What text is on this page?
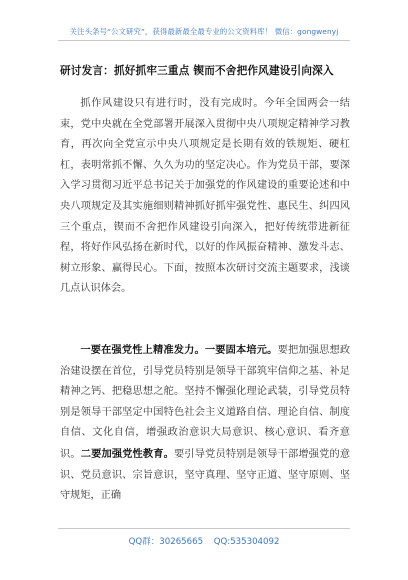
关注头条号“公文研究”，获得最新最全最专业的公文资料库！ 微信：gongwenyj
研讨发言：抓好抓牢三重点 锲而不舍把作风建设引向深入
抓作风建设只有进行时，没有完成时。今年全国两会一结束，党中央就在全党部署开展深入贯彻中央八项规定精神学习教育，再次向全党宣示中央八项规定是长期有效的铁规矩、硬杠杠，表明常抓不懈、久久为功的坚定决心。作为党员干部，要深入学习贯彻习近平总书记关于加强党的作风建设的重要论述和中央八项规定及其实施细则精神抓好抓牢强党性、惠民生、纠四风三个重点，锲而不舍把作风建设引向深入，把好传统带进新征程，将好作风弘扬在新时代，以好的作风振奋精神、激发斗志、树立形象、赢得民心。下面，按照本次研讨交流主题要求，浅谈几点认识体会。
一要在强党性上精准发力。一要固本培元。要把加强思想政治建设摆在首位，引导党员特别是领导干部筑牢信仰之基、补足精神之钙、把稳思想之舵。坚持不懈强化理论武装，引导党员特别是领导干部坚定中国特色社会主义道路自信、理论自信、制度自信、文化自信，增强政治意识大局意识、核心意识、看齐意识。二要加强党性教育。要引导党员特别是领导干部增强党的意识、党员意识、宗旨意识，坚守真理、坚守正道、坚守原则、坚守规矩，正确
QQ群：30265665 QQ:535304092
